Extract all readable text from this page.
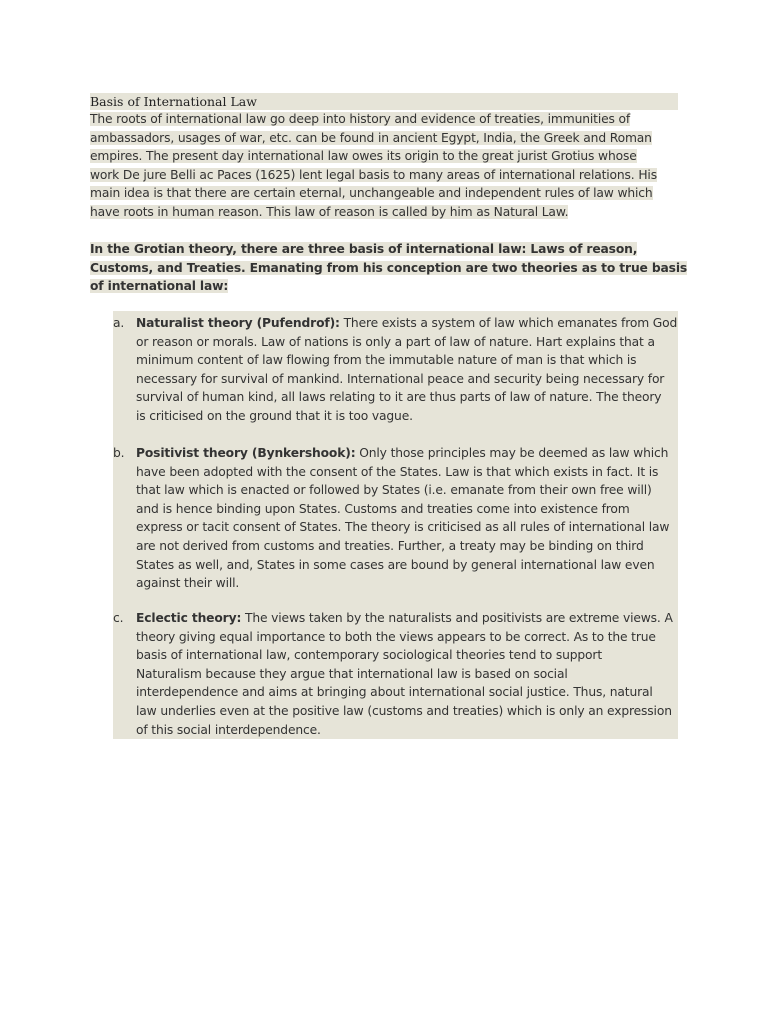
Basis of International Law
The roots of international law go deep into history and evidence of treaties, immunities of
ambassadors, usages of war, etc. can be found in ancient Egypt, India, the Greek and Roman
empires. The present day international law owes its origin to the great jurist Grotius whose
work De jure Belli ac Paces (1625) lent legal basis to many areas of international relations. His
main idea is that there are certain eternal, unchangeable and independent rules of law which
have roots in human reason. This law of reason is called by him as Natural Law.
In the Grotian theory, there are three basis of international law: Laws of reason,
Customs, and Treaties. Emanating from his conception are two theories as to true basis
of international law:
a. Naturalist theory (Pufendrof): There exists a system of law which emanates from God
or reason or morals. Law of nations is only a part of law of nature. Hart explains that a
minimum content of law flowing from the immutable nature of man is that which is
necessary for survival of mankind. International peace and security being necessary for
survival of human kind, all laws relating to it are thus parts of law of nature. The theory
is criticised on the ground that it is too vague.
b. Positivist theory (Bynkershook): Only those principles may be deemed as law which
have been adopted with the consent of the States. Law is that which exists in fact. It is
that law which is enacted or followed by States (i.e. emanate from their own free will)
and is hence binding upon States. Customs and treaties come into existence from
express or tacit consent of States. The theory is criticised as all rules of international law
are not derived from customs and treaties. Further, a treaty may be binding on third
States as well, and, States in some cases are bound by general international law even
against their will.
c.	Eclectic theory: The views taken by the naturalists and positivists are extreme views. A
theory giving equal importance to both the views appears to be correct. As to the true
basis of international law, contemporary sociological theories tend to support
Naturalism because they argue that international law is based on social
interdependence and aims at bringing about international social justice. Thus, natural
law underlies even at the positive law (customs and treaties) which is only an expression
of this social interdependence.
